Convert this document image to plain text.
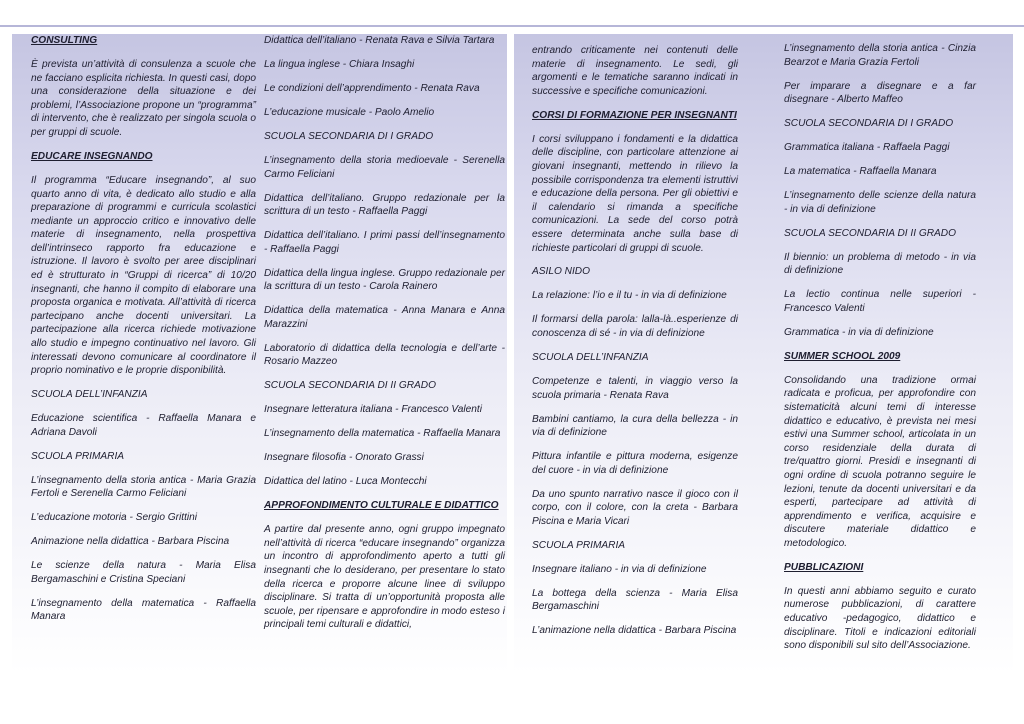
CONSULTING

È prevista un’attività di consulenza a scuole che ne facciano esplicita richiesta. In questi casi, dopo una considerazione della situazione e dei problemi, l’Associazione propone un “programma” di intervento, che è realizzato per singola scuola o per gruppi di scuole.

EDUCARE INSEGNANDO

Il programma “Educare insegnando”, al suo quarto anno di vita, è dedicato allo studio e alla preparazione di programmi e curricula scolastici mediante un approccio critico e innovativo delle materie di insegnamento, nella prospettiva dell’intrinseco rapporto fra educazione e istruzione. Il lavoro è svolto per aree disciplinari ed è strutturato in “Gruppi di ricerca” di 10/20 insegnanti, che hanno il compito di elaborare una proposta organica e motivata. All’attività di ricerca partecipano anche docenti universitari. La partecipazione alla ricerca richiede motivazione allo studio e impegno continuativo nel lavoro. Gli interessati devono comunicare al coordinatore il proprio nominativo e le proprie disponibilità.

SCUOLA DELL’INFANZIA

Educazione scientifica - Raffaella Manara e Adriana Davoli

SCUOLA PRIMARIA

L’insegnamento della storia antica - Maria Grazia Fertoli e Serenella Carmo Feliciani

L’educazione motoria - Sergio Grittini

Animazione nella didattica - Barbara Piscina

Le scienze della natura - Maria Elisa Bergamaschini e Cristina Speciani

L’insegnamento della matematica - Raffaella Manara

Didattica dell’italiano - Renata Rava e Silvia Tartara

La lingua inglese - Chiara Insaghi

Le condizioni dell’apprendimento - Renata Rava

L’educazione musicale - Paolo Amelio

SCUOLA SECONDARIA DI I GRADO

L’insegnamento della storia medioevale - Serenella Carmo Feliciani

Didattica dell’italiano. Gruppo redazionale per la scrittura di un testo - Raffaella Paggi

Didattica dell’italiano. I primi passi dell’insegnamento - Raffaella Paggi

Didattica della lingua inglese. Gruppo redazionale per la scrittura di un testo - Carola Rainero

Didattica della matematica - Anna Manara e Anna Marazzini

Laboratorio di didattica della tecnologia e dell’arte - Rosario Mazzeo

SCUOLA SECONDARIA DI II GRADO

Insegnare letteratura italiana - Francesco Valenti

L’insegnamento della matematica - Raffaella Manara

Insegnare filosofia - Onorato Grassi

Didattica del latino - Luca Montecchi

APPROFONDIMENTO CULTURALE E DIDATTICO

A partire dal presente anno, ogni gruppo impegnato nell’attività di ricerca “educare insegnando” organizza un incontro di approfondimento aperto a tutti gli insegnanti che lo desiderano, per presentare lo stato della ricerca e proporre alcune linee di sviluppo disciplinare. Si tratta di un’opportunità proposta alle scuole, per ripensare e approfondire in modo esteso i principali temi culturali e didattici,

entrando criticamente nei contenuti delle materie di insegnamento. Le sedi, gli argomenti e le tematiche saranno indicati in successive e specifiche comunicazioni.

CORSI DI FORMAZIONE PER INSEGNANTI

I corsi sviluppano i fondamenti e la didattica delle discipline, con particolare attenzione ai giovani insegnanti, mettendo in rilievo la possibile corrispondenza tra elementi istruttivi e educazione della persona. Per gli obiettivi e il calendario si rimanda a specifiche comunicazioni. La sede del corso potrà essere determinata anche sulla base di richieste particolari di gruppi di scuole.

ASILO NIDO

La relazione: l’io e il tu - in via di definizione

Il formarsi della parola: lalla-là..esperienze di conoscenza di sé - in via di definizione

SCUOLA DELL’INFANZIA

Competenze e talenti, in viaggio verso la scuola primaria - Renata Rava

Bambini cantiamo, la cura della bellezza - in via di definizione

Pittura infantile e pittura moderna, esigenze del cuore - in via di definizione

Da uno spunto narrativo nasce il gioco con il corpo, con il colore, con la creta - Barbara Piscina e Maria Vicari

SCUOLA PRIMARIA

Insegnare italiano - in via di definizione

La bottega della scienza - Maria Elisa Bergamaschini

L’animazione nella didattica - Barbara Piscina

L’insegnamento della storia antica - Cinzia Bearzot e Maria Grazia Fertoli

Per imparare a disegnare e a far disegnare - Alberto Maffeo

SCUOLA SECONDARIA DI I GRADO

Grammatica italiana - Raffaela Paggi

La matematica - Raffaella Manara

L’insegnamento delle scienze della natura - in via di definizione

SCUOLA SECONDARIA DI II GRADO

Il biennio: un problema di metodo - in via di definizione

La lectio continua nelle superiori - Francesco Valenti

Grammatica - in via di definizione

SUMMER SCHOOL 2009

Consolidando una tradizione ormai radicata e proficua, per approfondire con sistematicità alcuni temi di interesse didattico e educativo, è prevista nei mesi estivi una Summer school, articolata in un corso residenziale della durata di tre/quattro giorni. Presidi e insegnanti di ogni ordine di scuola potranno seguire le lezioni, tenute da docenti universitari e da esperti, partecipare ad attività di apprendimento e verifica, acquisire e discutere materiale didattico e metodologico.

PUBBLICAZIONI

In questi anni abbiamo seguito e curato numerose pubblicazioni, di carattere educativo -pedagogico, didattico e disciplinare. Titoli e indicazioni editoriali sono disponibili sul sito dell’Associazione.
